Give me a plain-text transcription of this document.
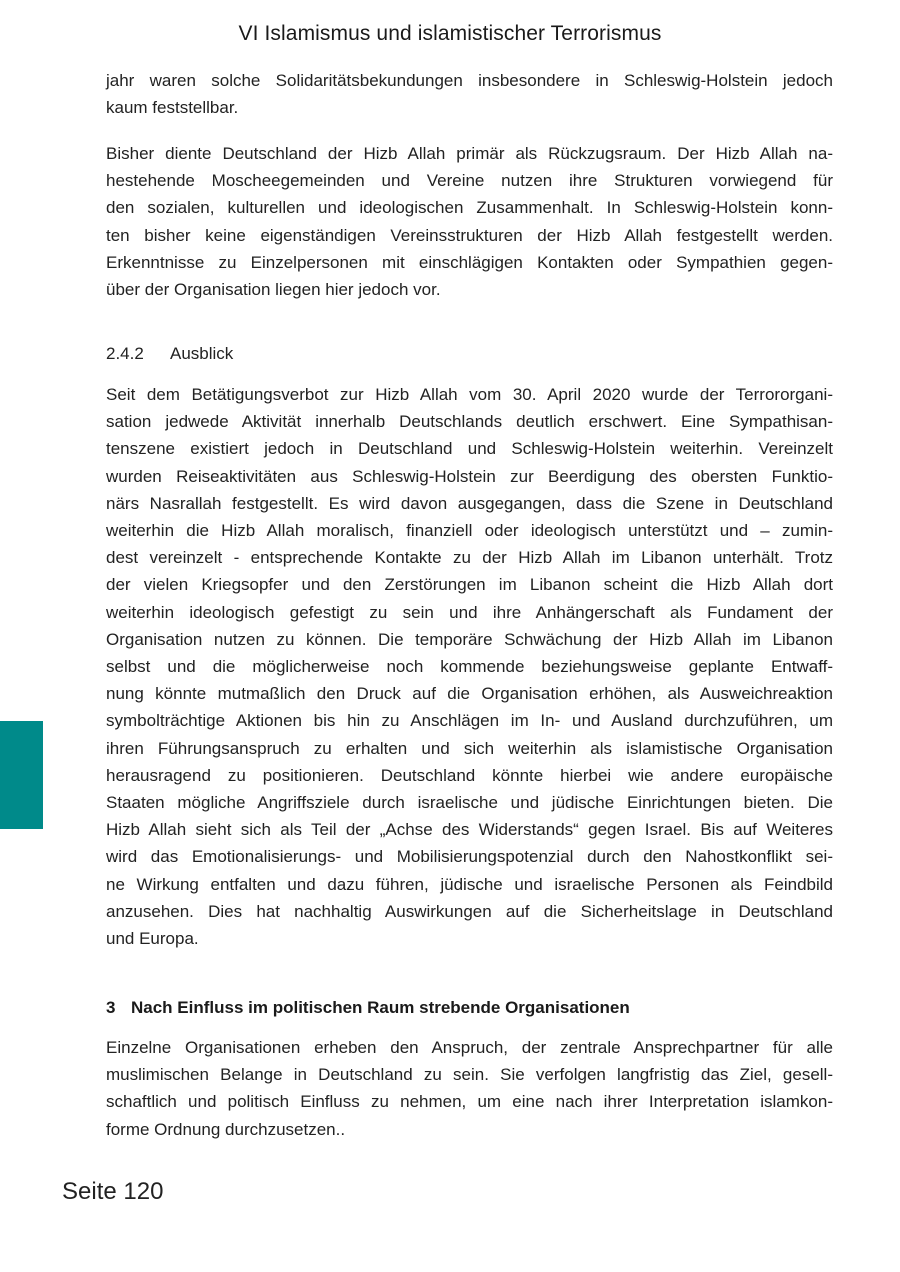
VI Islamismus und islamistischer Terrorismus
jahr waren solche Solidaritätsbekundungen insbesondere in Schleswig-Holstein jedoch
kaum feststellbar.
Bisher diente Deutschland der Hizb Allah primär als Rückzugsraum. Der Hizb Allah na-
hestehende Moscheegemeinden und Vereine nutzen ihre Strukturen vorwiegend für
den sozialen, kulturellen und ideologischen Zusammenhalt. In Schleswig-Holstein konn-
ten bisher keine eigenständigen Vereinsstrukturen der Hizb Allah festgestellt werden.
Erkenntnisse zu Einzelpersonen mit einschlägigen Kontakten oder Sympathien gegen-
über der Organisation liegen hier jedoch vor.
2.4.2 Ausblick
Seit dem Betätigungsverbot zur Hizb Allah vom 30. April 2020 wurde der Terrororgani-
sation jedwede Aktivität innerhalb Deutschlands deutlich erschwert. Eine Sympathisan-
tenszene existiert jedoch in Deutschland und Schleswig-Holstein weiterhin. Vereinzelt
wurden Reiseaktivitäten aus Schleswig-Holstein zur Beerdigung des obersten Funktio-
närs Nasrallah festgestellt. Es wird davon ausgegangen, dass die Szene in Deutschland
weiterhin die Hizb Allah moralisch, finanziell oder ideologisch unterstützt und – zumin-
dest vereinzelt - entsprechende Kontakte zu der Hizb Allah im Libanon unterhält. Trotz
der vielen Kriegsopfer und den Zerstörungen im Libanon scheint die Hizb Allah dort
weiterhin ideologisch gefestigt zu sein und ihre Anhängerschaft als Fundament der
Organisation nutzen zu können. Die temporäre Schwächung der Hizb Allah im Libanon
selbst und die möglicherweise noch kommende beziehungsweise geplante Entwaff-
nung könnte mutmaßlich den Druck auf die Organisation erhöhen, als Ausweichreaktion
symbolträchtige Aktionen bis hin zu Anschlägen im In- und Ausland durchzuführen, um
ihren Führungsanspruch zu erhalten und sich weiterhin als islamistische Organisation
herausragend zu positionieren. Deutschland könnte hierbei wie andere europäische
Staaten mögliche Angriffsziele durch israelische und jüdische Einrichtungen bieten. Die
Hizb Allah sieht sich als Teil der „Achse des Widerstands“ gegen Israel. Bis auf Weiteres
wird das Emotionalisierungs- und Mobilisierungspotenzial durch den Nahostkonflikt sei-
ne Wirkung entfalten und dazu führen, jüdische und israelische Personen als Feindbild
anzusehen. Dies hat nachhaltig Auswirkungen auf die Sicherheitslage in Deutschland
und Europa.
3 Nach Einfluss im politischen Raum strebende Organisationen
Einzelne Organisationen erheben den Anspruch, der zentrale Ansprechpartner für alle
muslimischen Belange in Deutschland zu sein. Sie verfolgen langfristig das Ziel, gesell-
schaftlich und politisch Einfluss zu nehmen, um eine nach ihrer Interpretation islamkon-
forme Ordnung durchzusetzen..
Seite 120
